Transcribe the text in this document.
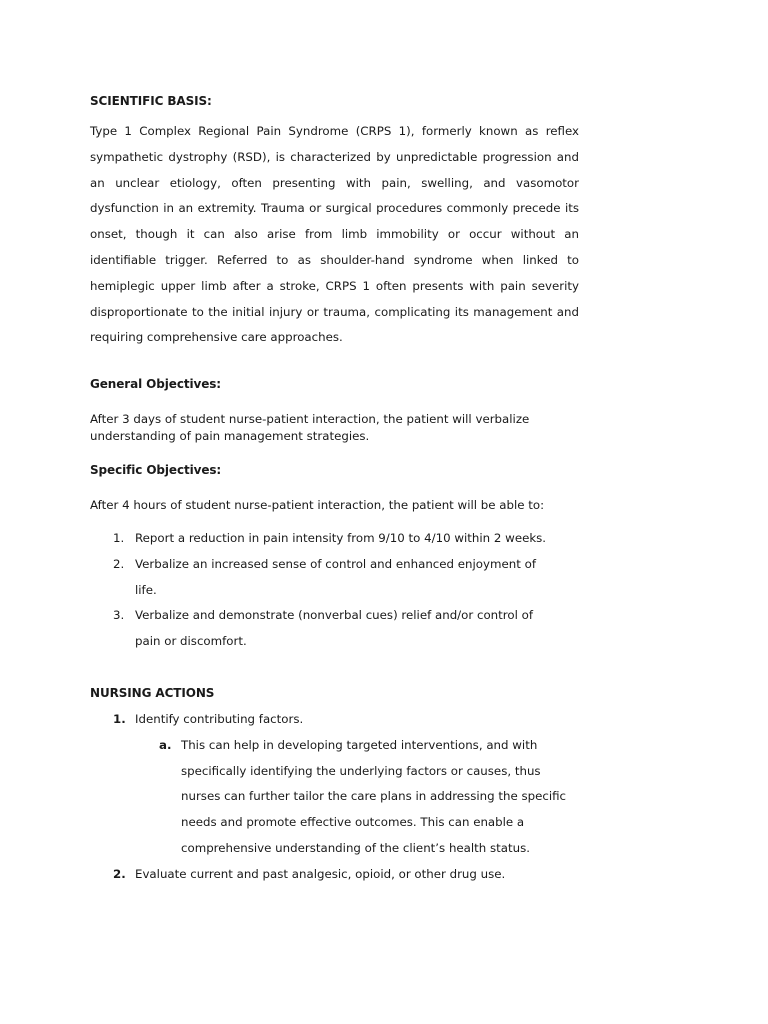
SCIENTIFIC BASIS:

Type 1 Complex Regional Pain Syndrome (CRPS 1), formerly known as reflex sympathetic dystrophy (RSD), is characterized by unpredictable progression and an unclear etiology, often presenting with pain, swelling, and vasomotor dysfunction in an extremity. Trauma or surgical procedures commonly precede its onset, though it can also arise from limb immobility or occur without an identifiable trigger. Referred to as shoulder-hand syndrome when linked to hemiplegic upper limb after a stroke, CRPS 1 often presents with pain severity disproportionate to the initial injury or trauma, complicating its management and requiring comprehensive care approaches.

General Objectives:

After 3 days of student nurse-patient interaction, the patient will verbalize understanding of pain management strategies.

Specific Objectives:

After 4 hours of student nurse-patient interaction, the patient will be able to:

1. Report a reduction in pain intensity from 9/10 to 4/10 within 2 weeks.
2. Verbalize an increased sense of control and enhanced enjoyment of life.
3. Verbalize and demonstrate (nonverbal cues) relief and/or control of pain or discomfort.
NURSING ACTIONS
1. Identify contributing factors.
a. This can help in developing targeted interventions, and with specifically identifying the underlying factors or causes, thus nurses can further tailor the care plans in addressing the specific needs and promote effective outcomes. This can enable a comprehensive understanding of the client’s health status.
2. Evaluate current and past analgesic, opioid, or other drug use.
